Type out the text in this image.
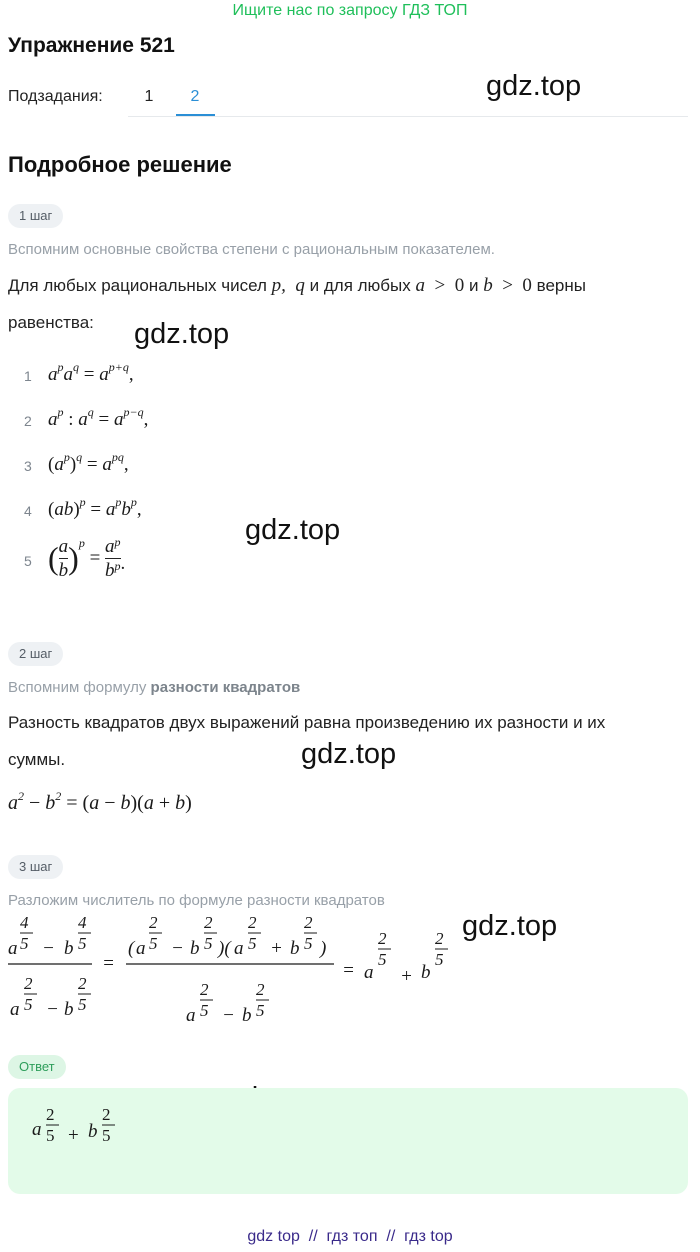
Ищите нас по запросу ГДЗ ТОП
Упражнение 521
Подзадания:	1	2
Подробное решение
gdz.top
gdz.top
gdz.top
gdz.top
gdz.top
1 шаг
Вспомним основные свойства степени с рациональным показателем.
Для любых рациональных чисел p,  q и для любых a  >  0 и b  >  0 верны
равенства:
1 $a^pa^q = a^{p+q}$,
2 $a^p$ : $a^q = a^{p-q}$,
3 $(a^p)^q = a^{pq}$,
4 $(ab)^p = a^pb^p$,
5 ( $\frac{a}{b} )^p = \frac{a^p}{b^p}$ .
2 шаг
Вспомним формулу разности квадратов
Разность квадратов двух выражений равна произведению их разности и их
суммы.
$a^2 - b^2 = (a - b)(a + b)$
3 шаг
Разложим числитель по формуле разности квадратов
4
5
a − b
4
5
2
5
a − b
2
5
=
( a
2
5 − b
2
5 )( a
2
5 + b
2
5 )
a
2
5 − b
2
5
= a
2
5
+ b
2
5
Ответ
a
2
5 + b
2
5
gdz top  //  гдз топ  //  гдз top
